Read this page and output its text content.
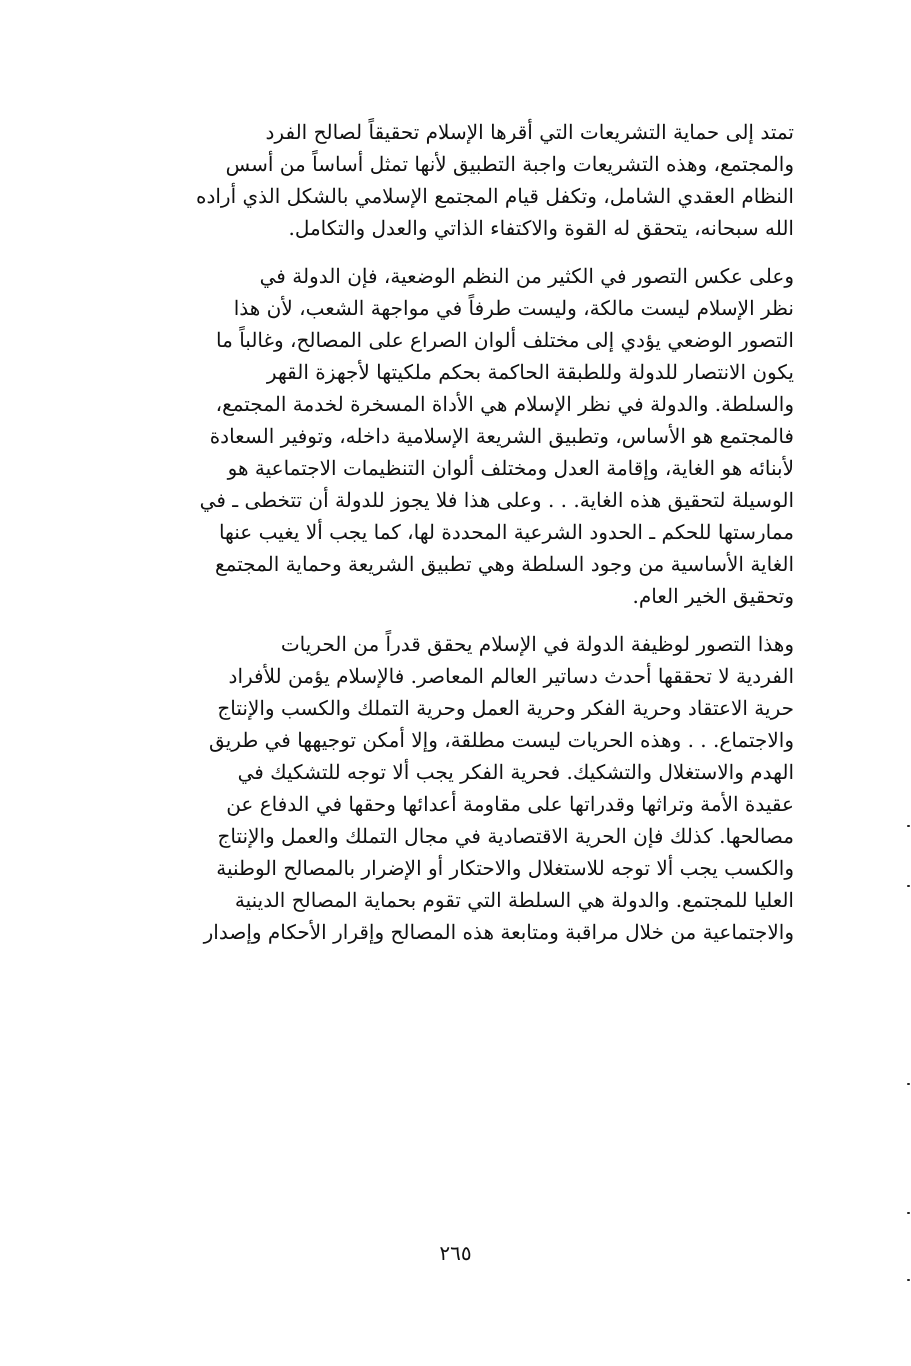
تمتد إلى حماية التشريعات التي أقرها الإسلام تحقيقاً لصالح الفرد
والمجتمع، وهذه التشريعات واجبة التطبيق لأنها تمثل أساساً من أسس
النظام العقدي الشامل، وتكفل قيام المجتمع الإسلامي بالشكل الذي أراده
الله سبحانه، يتحقق له القوة والاكتفاء الذاتي والعدل والتكامل.
وعلى عكس التصور في الكثير من النظم الوضعية، فإن الدولة في
نظر الإسلام ليست مالكة، وليست طرفاً في مواجهة الشعب، لأن هذا
التصور الوضعي يؤدي إلى مختلف ألوان الصراع على المصالح، وغالباً ما
يكون الانتصار للدولة وللطبقة الحاكمة بحكم ملكيتها لأجهزة القهر
والسلطة. والدولة في نظر الإسلام هي الأداة المسخرة لخدمة المجتمع،
فالمجتمع هو الأساس، وتطبيق الشريعة الإسلامية داخله، وتوفير السعادة
لأبنائه هو الغاية، وإقامة العدل ومختلف ألوان التنظيمات الاجتماعية هو
الوسيلة لتحقيق هذه الغاية. . . وعلى هذا فلا يجوز للدولة أن تتخطى ـ في
ممارستها للحكم ـ الحدود الشرعية المحددة لها، كما يجب ألا يغيب عنها
الغاية الأساسية من وجود السلطة وهي تطبيق الشريعة وحماية المجتمع
وتحقيق الخير العام.
وهذا التصور لوظيفة الدولة في الإسلام يحقق قدراً من الحريات
الفردية لا تحققها أحدث دساتير العالم المعاصر. فالإسلام يؤمن للأفراد
حرية الاعتقاد وحرية الفكر وحرية العمل وحرية التملك والكسب والإنتاج
والاجتماع. . . وهذه الحريات ليست مطلقة، وإلا أمكن توجيهها في طريق
الهدم والاستغلال والتشكيك. فحرية الفكر يجب ألا توجه للتشكيك في
عقيدة الأمة وتراثها وقدراتها على مقاومة أعدائها وحقها في الدفاع عن
مصالحها. كذلك فإن الحرية الاقتصادية في مجال التملك والعمل والإنتاج
والكسب يجب ألا توجه للاستغلال والاحتكار أو الإضرار بالمصالح الوطنية
العليا للمجتمع. والدولة هي السلطة التي تقوم بحماية المصالح الدينية
والاجتماعية من خلال مراقبة ومتابعة هذه المصالح وإقرار الأحكام وإصدار
٢٦٥
